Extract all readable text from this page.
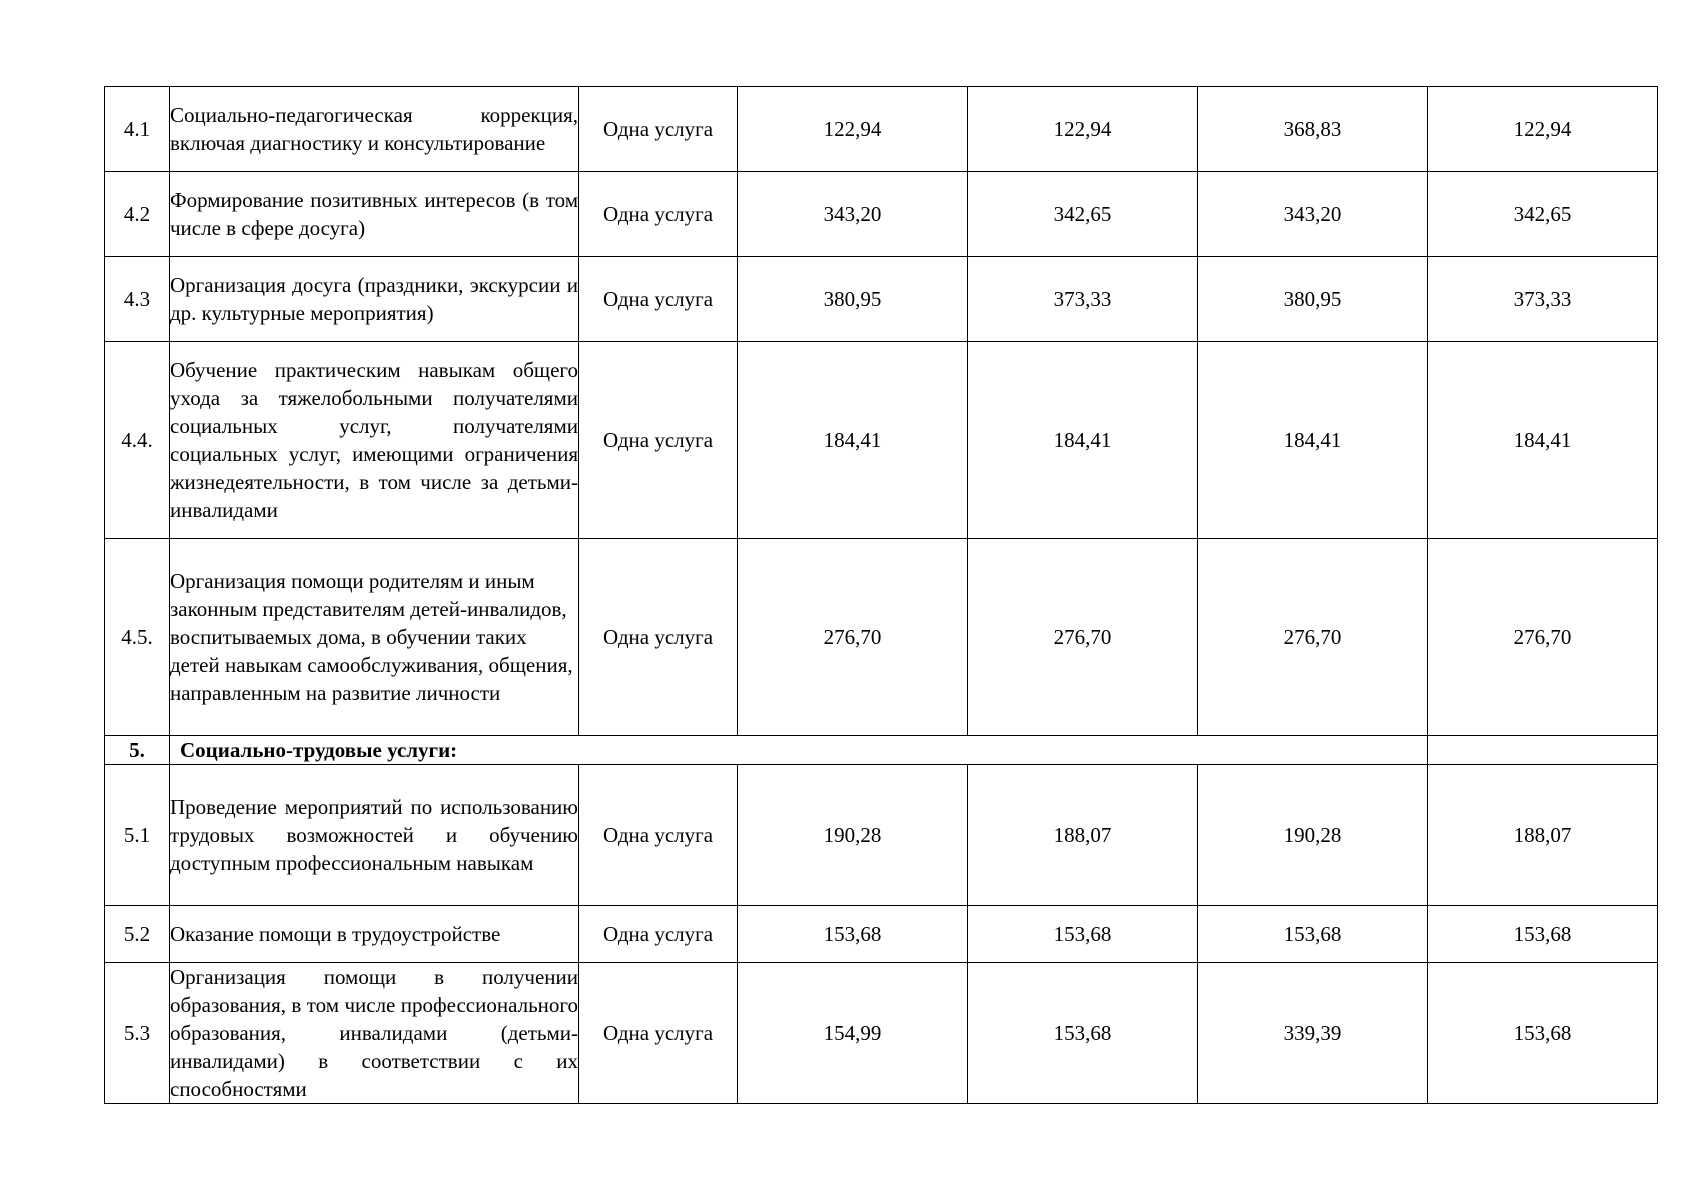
4.1	Социально-педагогическая коррекция, включая диагностику и консультирование	Одна услуга	122,94	122,94	368,83	122,94
4.2	Формирование позитивных интересов (в том числе в сфере досуга)	Одна услуга	343,20	342,65	343,20	342,65
4.3	Организация досуга (праздники, экскурсии и др. культурные мероприятия)	Одна услуга	380,95	373,33	380,95	373,33
4.4.	Обучение практическим навыкам общего ухода за тяжелобольными получателями социальных услуг, получателями социальных услуг, имеющими ограничения жизнедеятельности, в том числе за детьми-инвалидами	Одна услуга	184,41	184,41	184,41	184,41
4.5.	Организация помощи родителям и иным законным представителям детей-инвалидов, воспитываемых дома, в обучении таких детей навыкам самообслуживания, общения, направленным на развитие личности	Одна услуга	276,70	276,70	276,70	276,70
5.	Социально-трудовые услуги:					
5.1	Проведение мероприятий по использованию трудовых возможностей и обучению доступным профессиональным навыкам	Одна услуга	190,28	188,07	190,28	188,07
5.2	Оказание помощи в трудоустройстве	Одна услуга	153,68	153,68	153,68	153,68
5.3	Организация помощи в получении образования, в том числе профессионального образования, инвалидами (детьми-инвалидами) в соответствии с их способностями	Одна услуга	154,99	153,68	339,39	153,68
